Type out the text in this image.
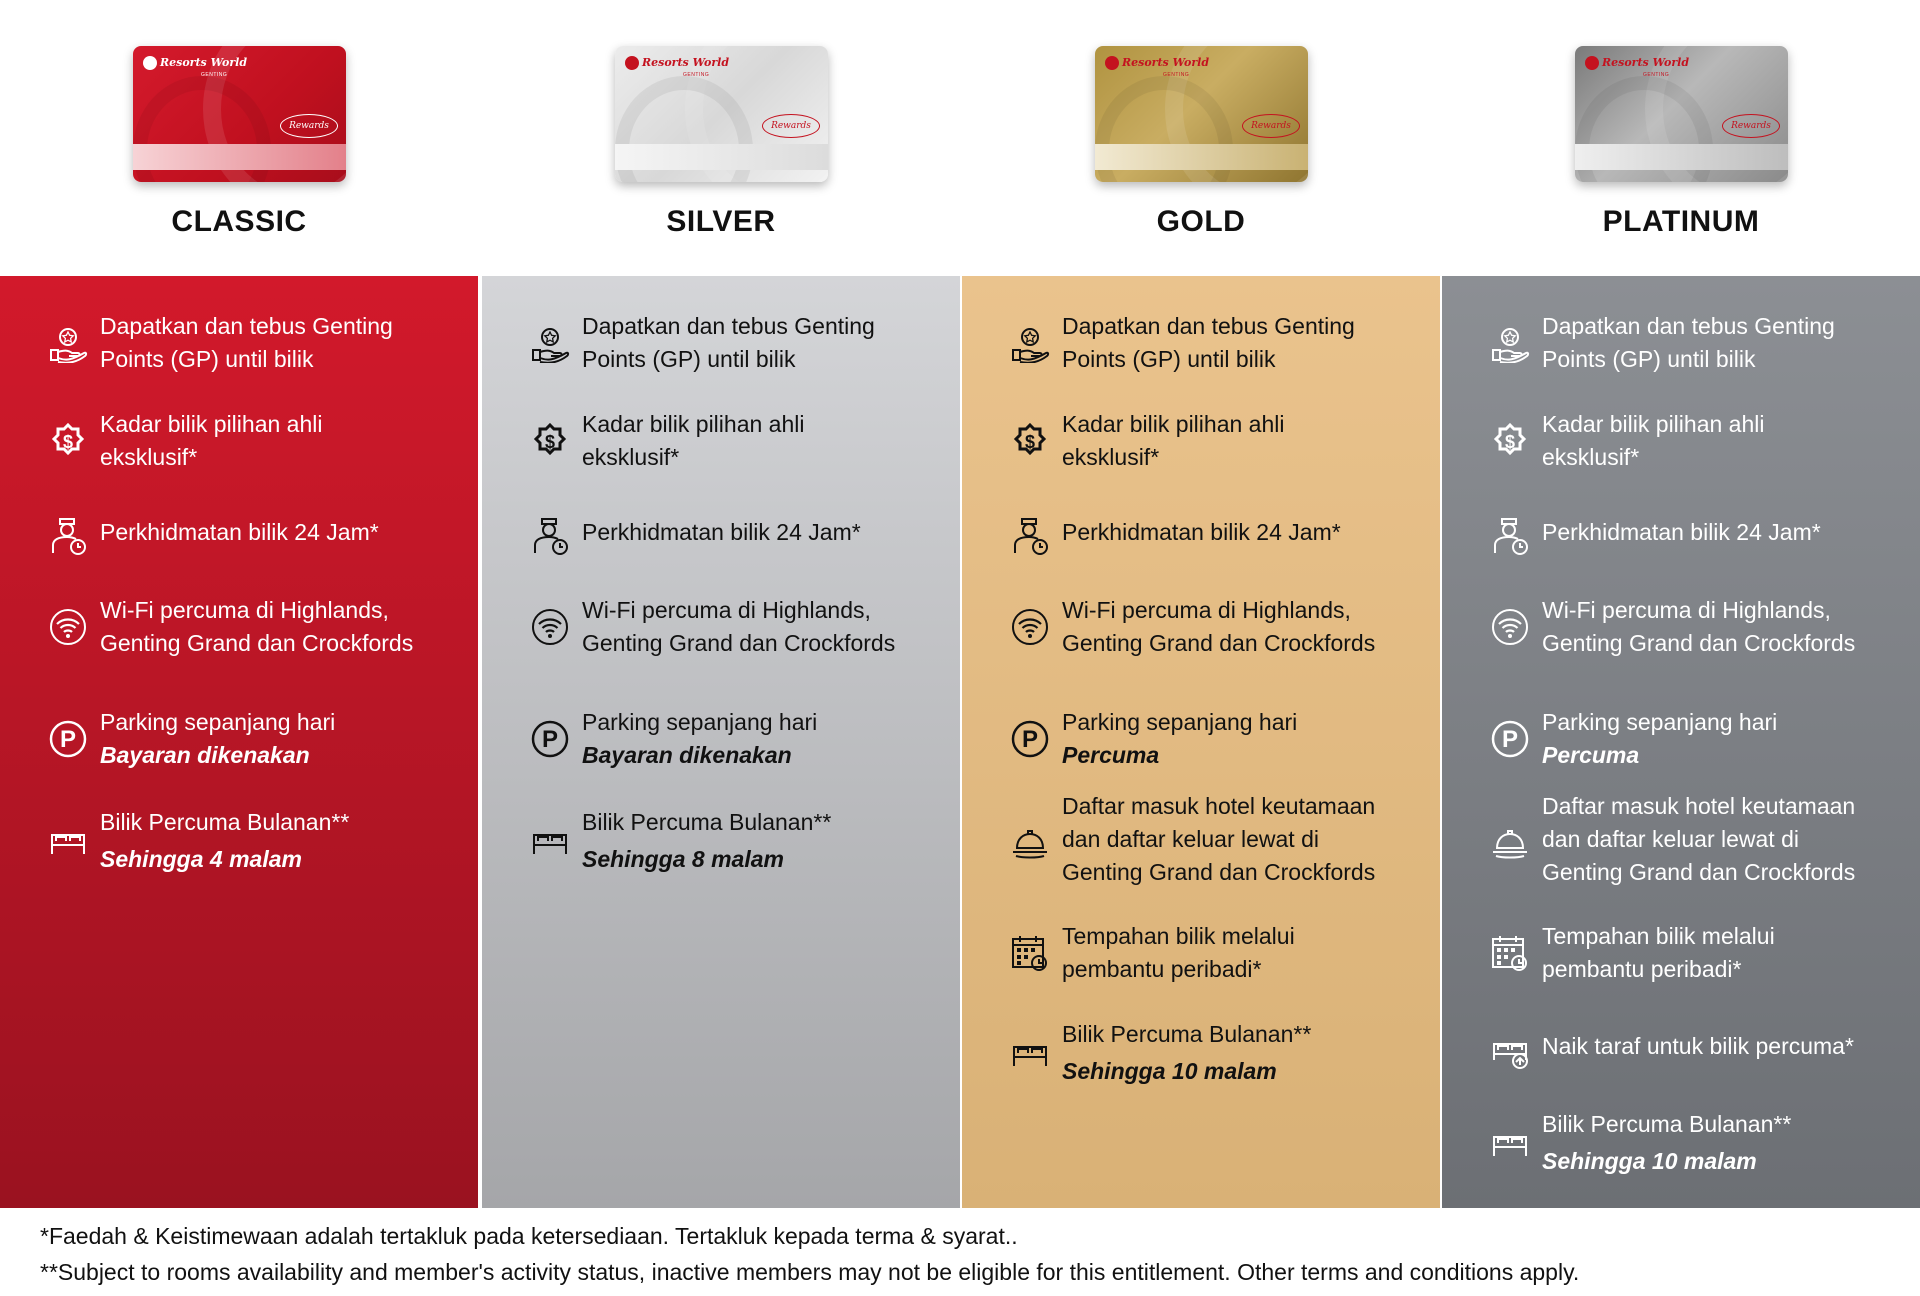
Resorts World
GENTING
Rewards
CLASSIC
Dapatkan dan tebus Genting
Points (GP) until bilik
$
Kadar bilik pilihan ahli
eksklusif*
Perkhidmatan bilik 24 Jam*
Wi-Fi percuma di Highlands,
Genting Grand dan Crockfords
P
Parking sepanjang hari
Bayaran dikenakan
Bilik Percuma Bulanan**
Sehingga 4 malam
Resorts World
GENTING
Rewards
SILVER
Dapatkan dan tebus Genting
Points (GP) until bilik
$
Kadar bilik pilihan ahli
eksklusif*
Perkhidmatan bilik 24 Jam*
Wi-Fi percuma di Highlands,
Genting Grand dan Crockfords
P
Parking sepanjang hari
Bayaran dikenakan
Bilik Percuma Bulanan**
Sehingga 8 malam
Resorts World
GENTING
Rewards
GOLD
Dapatkan dan tebus Genting
Points (GP) until bilik
$
Kadar bilik pilihan ahli
eksklusif*
Perkhidmatan bilik 24 Jam*
Wi-Fi percuma di Highlands,
Genting Grand dan Crockfords
P
Parking sepanjang hari
Percuma
Daftar masuk hotel keutamaan
dan daftar keluar lewat di
Genting Grand dan Crockfords
Tempahan bilik melalui
pembantu peribadi*
Bilik Percuma Bulanan**
Sehingga 10 malam
Resorts World
GENTING
Rewards
PLATINUM
Dapatkan dan tebus Genting
Points (GP) until bilik
$
Kadar bilik pilihan ahli
eksklusif*
Perkhidmatan bilik 24 Jam*
Wi-Fi percuma di Highlands,
Genting Grand dan Crockfords
P
Parking sepanjang hari
Percuma
Daftar masuk hotel keutamaan
dan daftar keluar lewat di
Genting Grand dan Crockfords
Tempahan bilik melalui
pembantu peribadi*
Naik taraf untuk bilik percuma*
Bilik Percuma Bulanan**
Sehingga 10 malam
*Faedah & Keistimewaan adalah tertakluk pada ketersediaan. Tertakluk kepada terma & syarat..
**Subject to rooms availability and member's activity status, inactive members may not be eligible for this entitlement. Other terms and conditions apply.
